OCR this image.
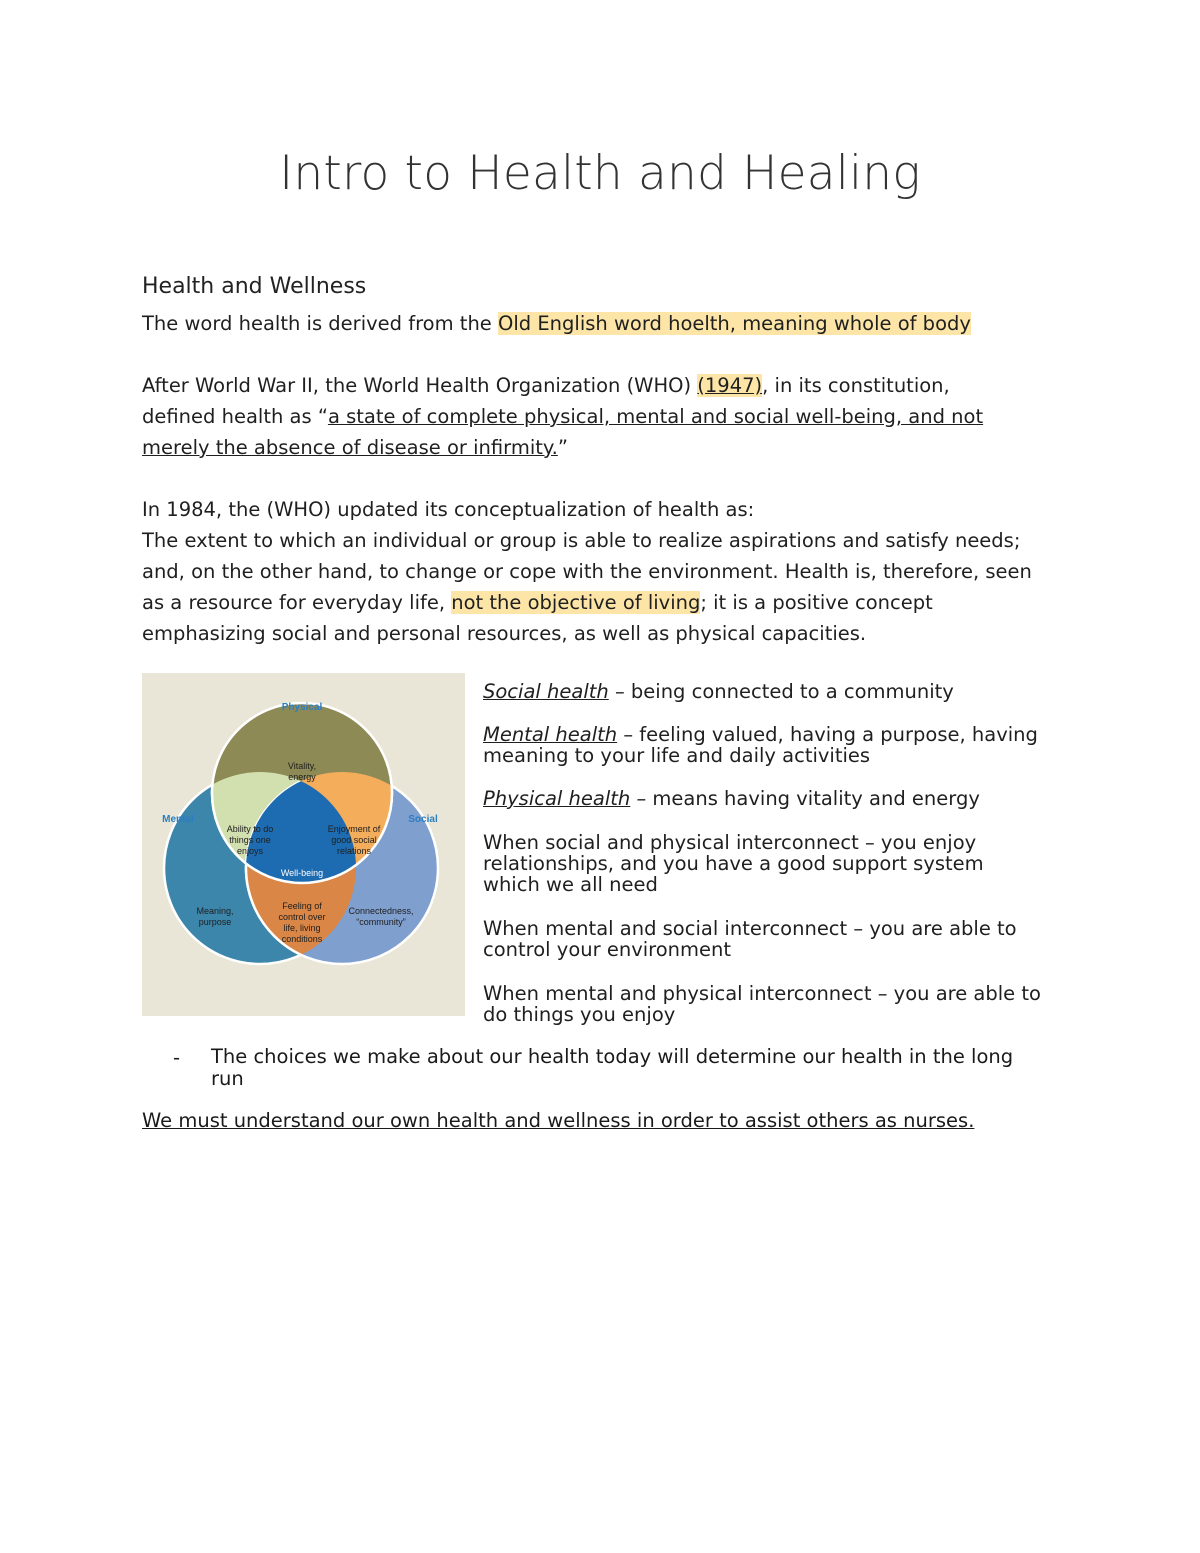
Intro to Health and Healing
Health and Wellness
The word health is derived from the Old English word hoelth, meaning whole of body
After World War II, the World Health Organization (WHO) (1947), in its constitution,
defined health as “a state of complete physical, mental and social well-being, and not
merely the absence of disease or infirmity.”
In 1984, the (WHO) updated its conceptualization of health as:
The extent to which an individual or group is able to realize aspirations and satisfy needs;
and, on the other hand, to change or cope with the environment. Health is, therefore, seen
as a resource for everyday life, not the objective of living; it is a positive concept
emphasizing social and personal resources, as well as physical capacities.
Physical
Mental	Social
Vitality,
energy
Ability to do
things one
enjoys
Enjoyment of
good social
relations
Well-being
Meaning,
purpose
Feeling of
control over
life, living
conditions
Connectedness,
“community”
Social health – being connected to a community
Mental health – feeling valued, having a purpose, having
meaning to your life and daily activities
Physical health – means having vitality and energy
When social and physical interconnect – you enjoy
relationships, and you have a good support system
which we all need
When mental and social interconnect – you are able to
control your environment
When mental and physical interconnect – you are able to
do things you enjoy
- The choices we make about our health today will determine our health in the long
run
We must understand our own health and wellness in order to assist others as nurses.
